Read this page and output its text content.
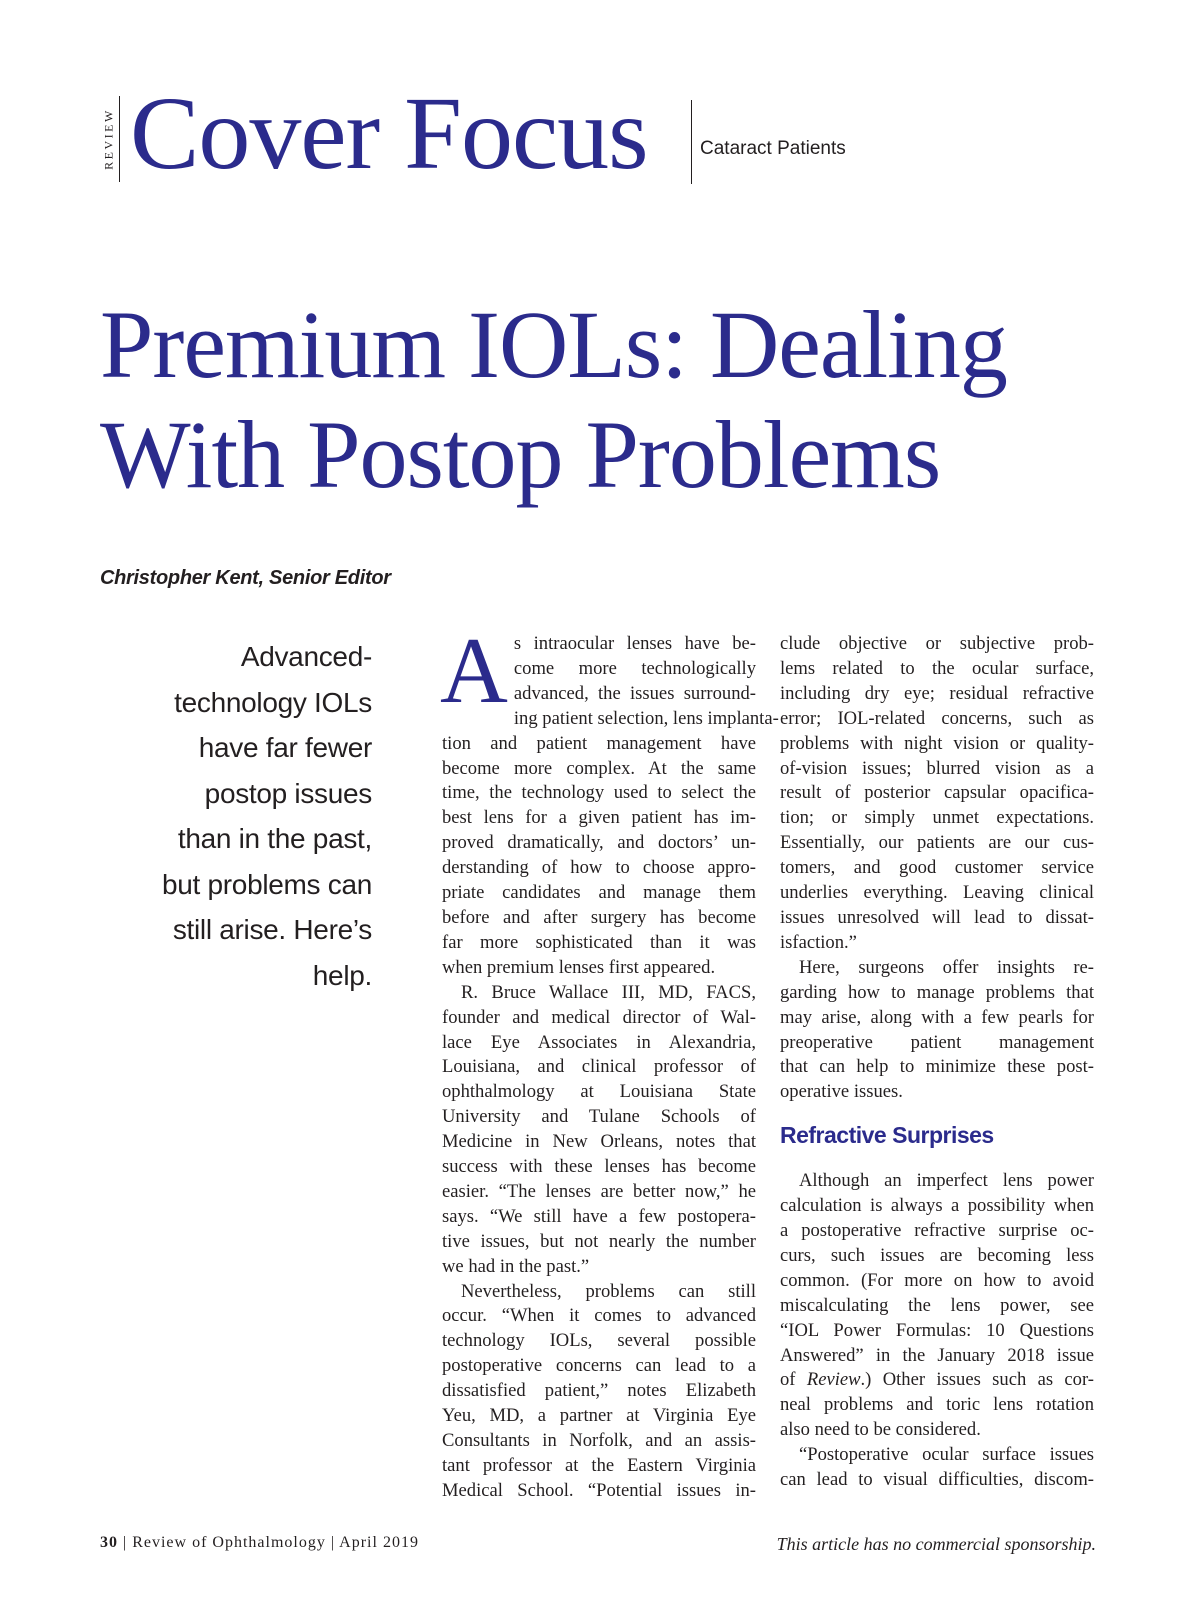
REVIEW Cover Focus	Cataract Patients
Premium IOLs: Dealing
With Postop Problems
Christopher Kent, Senior Editor
Advanced-
technology IOLs
have far fewer
postop issues
than in the past,
but problems can
still arise. Here’s
help.

A s intraocular lenses have be-
come more technologically
advanced, the issues surround-
ing patient selection, lens implanta-
tion and patient management have
become more complex. At the same
time, the technology used to select the
best lens for a given patient has im-
proved dramatically, and doctors’ un-
derstanding of how to choose appro-
priate candidates and manage them
before and after surgery has become
far more sophisticated than it was
when premium lenses first appeared.

R. Bruce Wallace III, MD, FACS,
founder and medical director of Wal-
lace Eye Associates in Alexandria,
Louisiana, and clinical professor of
ophthalmology at Louisiana State
University and Tulane Schools of
Medicine in New Orleans, notes that
success with these lenses has become
easier. “The lenses are better now,” he
says. “We still have a few postopera-
tive issues, but not nearly the number
we had in the past.”

Nevertheless, problems can still
occur. “When it comes to advanced
technology IOLs, several possible
postoperative concerns can lead to a
dissatisfied patient,” notes Elizabeth
Yeu, MD, a partner at Virginia Eye
Consultants in Norfolk, and an assis-
tant professor at the Eastern Virginia
Medical School. “Potential issues in-

clude objective or subjective prob-
lems related to the ocular surface,
including dry eye; residual refractive
error; IOL-related concerns, such as
problems with night vision or quality-
of-vision issues; blurred vision as a
result of posterior capsular opacifica-
tion; or simply unmet expectations.
Essentially, our patients are our cus-
tomers, and good customer service
underlies everything. Leaving clinical
issues unresolved will lead to dissat-
isfaction.”

Here, surgeons offer insights re-
garding how to manage problems that
may arise, along with a few pearls for
preoperative patient management
that can help to minimize these post-
operative issues.

Refractive Surprises

Although an imperfect lens power
calculation is always a possibility when
a postoperative refractive surprise oc-
curs, such issues are becoming less
common. (For more on how to avoid
miscalculating the lens power, see
“IOL Power Formulas: 10 Questions
Answered” in the January 2018 issue
of Review.) Other issues such as cor-
neal problems and toric lens rotation
also need to be considered.

“Postoperative ocular surface issues
can lead to visual difficulties, discom-

30 | Review of Ophthalmology | April 2019	This article has no commercial sponsorship.
